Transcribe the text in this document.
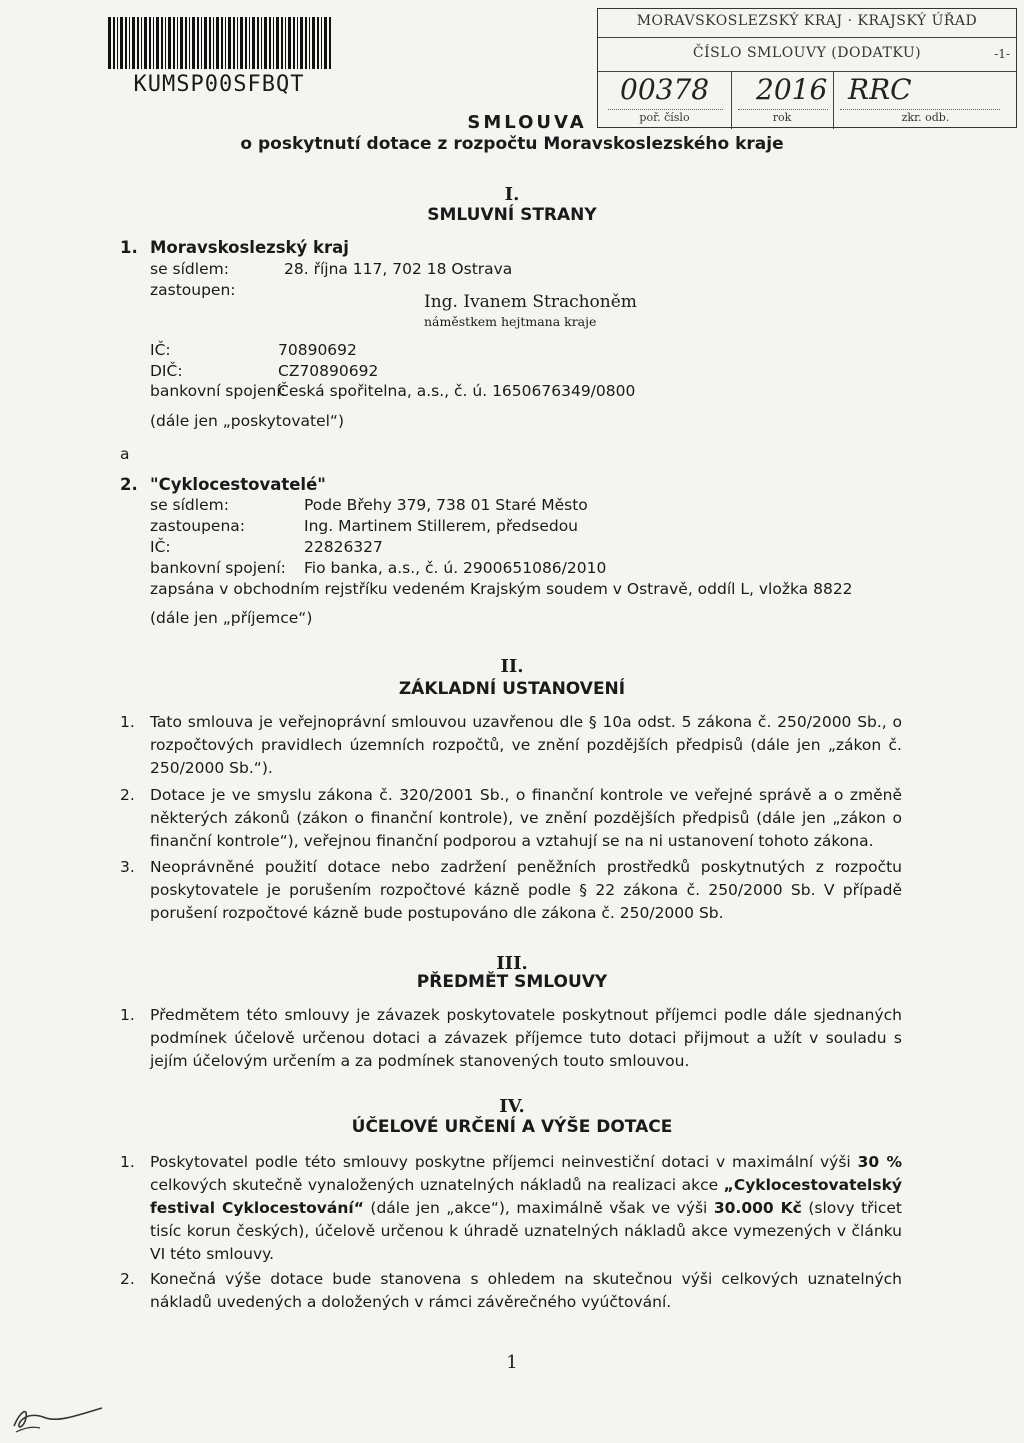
KUMSP00SFBQT
MORAVSKOSLEZSKÝ KRAJ · KRAJSKÝ ÚŘAD
ČÍSLO SMLOUVY (DODATKU)	-1-
00378
poř. číslo
2016
rok
RRC
zkr. odb.
SMLOUVA
o poskytnutí dotace z rozpočtu Moravskoslezského kraje
I.
SMLUVNÍ STRANY
1. Moravskoslezský kraj
se sídlem:	28. října 117, 702 18 Ostrava
zastoupen:
Ing. Ivanem Strachoněm
náměstkem hejtmana kraje
IČ:	70890692
DIČ:	CZ70890692
bankovní spojení:
Česká spořitelna, a.s., č. ú. 1650676349/0800
(dále jen „poskytovatel“)
a
2. "Cyklocestovatelé"
se sídlem:	Pode Břehy 379, 738 01 Staré Město
zastoupena:	Ing. Martinem Stillerem, předsedou
IČ:	22826327
bankovní spojení: Fio banka, a.s., č. ú. 2900651086/2010
zapsána v obchodním rejstříku vedeném Krajským soudem v Ostravě, oddíl L, vložka 8822
(dále jen „příjemce“)
II.
ZÁKLADNÍ USTANOVENÍ
1. Tato smlouva je veřejnoprávní smlouvou uzavřenou dle § 10a odst. 5 zákona č. 250/2000 Sb., o rozpočtových pravidlech územních rozpočtů, ve znění pozdějších předpisů (dále jen „zákon č. 250/2000 Sb.“).
2. Dotace je ve smyslu zákona č. 320/2001 Sb., o finanční kontrole ve veřejné správě a o změně některých zákonů (zákon o finanční kontrole), ve znění pozdějších předpisů (dále jen „zákon o finanční kontrole“), veřejnou finanční podporou a vztahují se na ni ustanovení tohoto zákona.
3. Neoprávněné použití dotace nebo zadržení peněžních prostředků poskytnutých z rozpočtu poskytovatele je porušením rozpočtové kázně podle § 22 zákona č. 250/2000 Sb. V případě porušení rozpočtové kázně bude postupováno dle zákona č. 250/2000 Sb.
III.
PŘEDMĚT SMLOUVY
1. Předmětem této smlouvy je závazek poskytovatele poskytnout příjemci podle dále sjednaných podmínek účelově určenou dotaci a závazek příjemce tuto dotaci přijmout a užít v souladu s jejím účelovým určením a za podmínek stanovených touto smlouvou.
IV.
ÚČELOVÉ URČENÍ A VÝŠE DOTACE
1. Poskytovatel podle této smlouvy poskytne příjemci neinvestiční dotaci v maximální výši 30 % celkových skutečně vynaložených uznatelných nákladů na realizaci akce „Cyklocestovatelský festival Cyklocestování“ (dále jen „akce“), maximálně však ve výši 30.000 Kč (slovy třicet tisíc korun českých), účelově určenou k úhradě uznatelných nákladů akce vymezených v článku VI této smlouvy.
2. Konečná výše dotace bude stanovena s ohledem na skutečnou výši celkových uznatelných nákladů uvedených a doložených v rámci závěrečného vyúčtování.
1
